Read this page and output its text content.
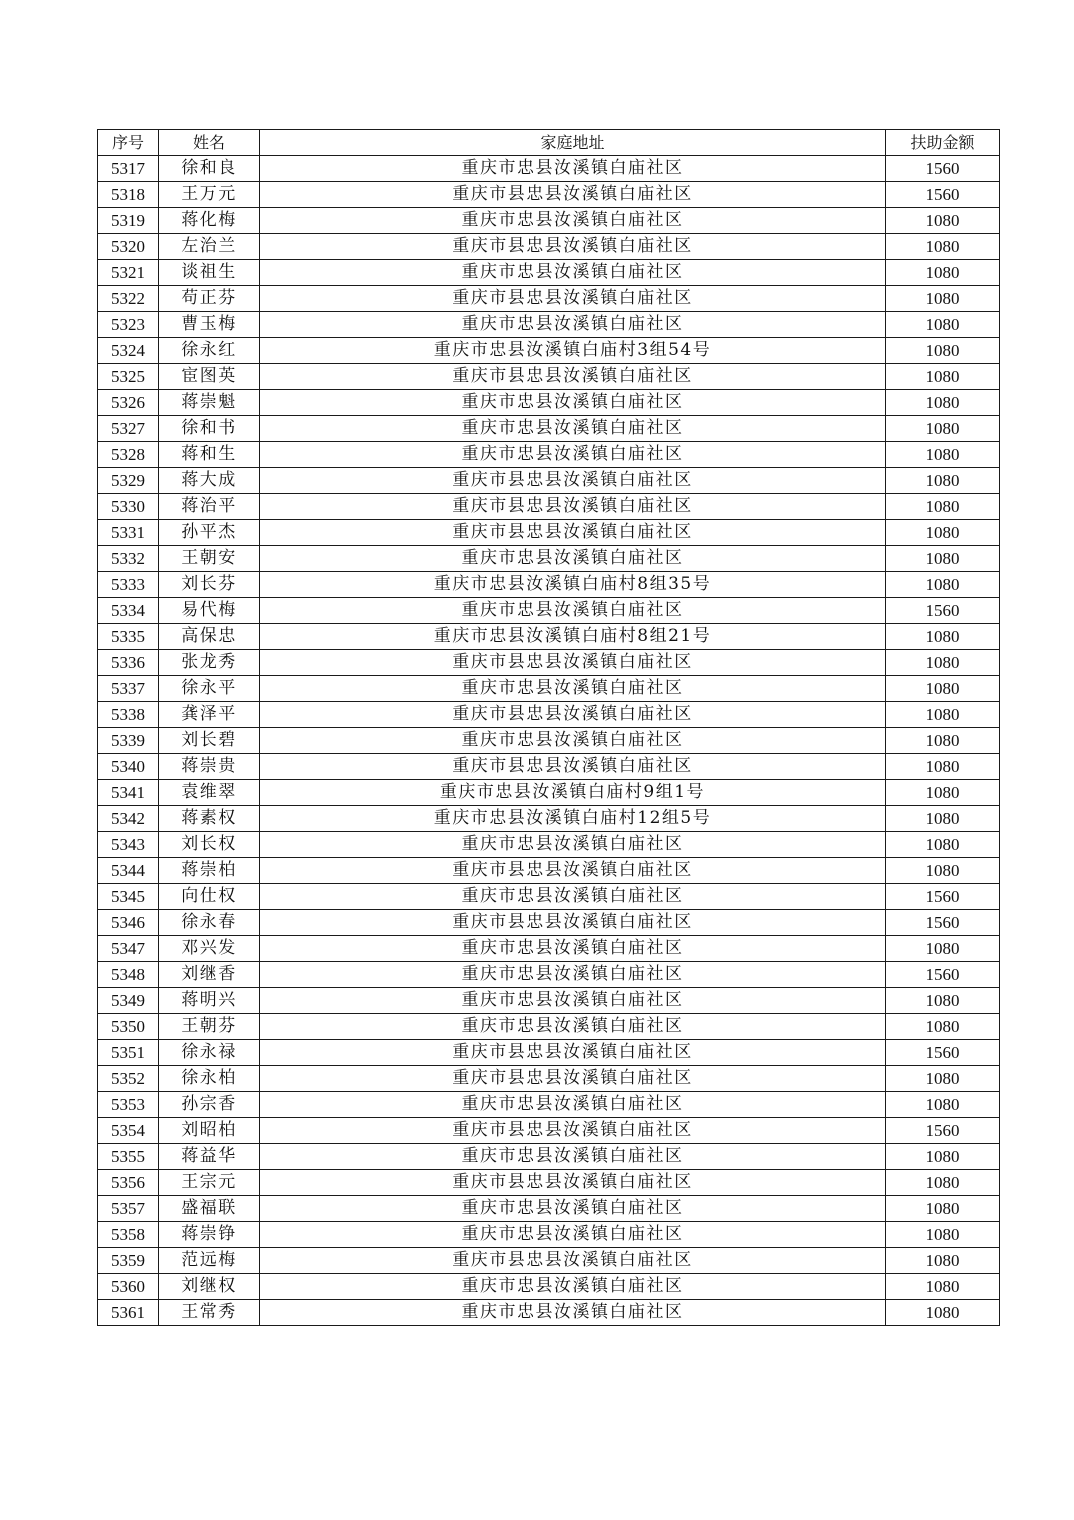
序号	姓名	家庭地址	扶助金额
5317	徐和良	重庆市忠县汝溪镇白庙社区	1560
5318	王万元	重庆市县忠县汝溪镇白庙社区	1560
5319	蒋化梅	重庆市忠县汝溪镇白庙社区	1080
5320	左治兰	重庆市县忠县汝溪镇白庙社区	1080
5321	谈祖生	重庆市忠县汝溪镇白庙社区	1080
5322	苟正芬	重庆市县忠县汝溪镇白庙社区	1080
5323	曹玉梅	重庆市忠县汝溪镇白庙社区	1080
5324	徐永红	重庆市忠县汝溪镇白庙村3组54号	1080
5325	宦图英	重庆市县忠县汝溪镇白庙社区	1080
5326	蒋崇魁	重庆市忠县汝溪镇白庙社区	1080
5327	徐和书	重庆市忠县汝溪镇白庙社区	1080
5328	蒋和生	重庆市忠县汝溪镇白庙社区	1080
5329	蒋大成	重庆市县忠县汝溪镇白庙社区	1080
5330	蒋治平	重庆市县忠县汝溪镇白庙社区	1080
5331	孙平杰	重庆市县忠县汝溪镇白庙社区	1080
5332	王朝安	重庆市忠县汝溪镇白庙社区	1080
5333	刘长芬	重庆市忠县汝溪镇白庙村8组35号	1080
5334	易代梅	重庆市忠县汝溪镇白庙社区	1560
5335	高保忠	重庆市忠县汝溪镇白庙村8组21号	1080
5336	张龙秀	重庆市县忠县汝溪镇白庙社区	1080
5337	徐永平	重庆市忠县汝溪镇白庙社区	1080
5338	龚泽平	重庆市县忠县汝溪镇白庙社区	1080
5339	刘长碧	重庆市忠县汝溪镇白庙社区	1080
5340	蒋崇贵	重庆市县忠县汝溪镇白庙社区	1080
5341	袁维翠	重庆市忠县汝溪镇白庙村9组1号	1080
5342	蒋素权	重庆市忠县汝溪镇白庙村12组5号	1080
5343	刘长权	重庆市忠县汝溪镇白庙社区	1080
5344	蒋崇柏	重庆市县忠县汝溪镇白庙社区	1080
5345	向仕权	重庆市忠县汝溪镇白庙社区	1560
5346	徐永春	重庆市县忠县汝溪镇白庙社区	1560
5347	邓兴发	重庆市忠县汝溪镇白庙社区	1080
5348	刘继香	重庆市忠县汝溪镇白庙社区	1560
5349	蒋明兴	重庆市忠县汝溪镇白庙社区	1080
5350	王朝芬	重庆市忠县汝溪镇白庙社区	1080
5351	徐永禄	重庆市县忠县汝溪镇白庙社区	1560
5352	徐永柏	重庆市县忠县汝溪镇白庙社区	1080
5353	孙宗香	重庆市忠县汝溪镇白庙社区	1080
5354	刘昭柏	重庆市县忠县汝溪镇白庙社区	1560
5355	蒋益华	重庆市忠县汝溪镇白庙社区	1080
5356	王宗元	重庆市县忠县汝溪镇白庙社区	1080
5357	盛福联	重庆市忠县汝溪镇白庙社区	1080
5358	蒋崇铮	重庆市忠县汝溪镇白庙社区	1080
5359	范远梅	重庆市县忠县汝溪镇白庙社区	1080
5360	刘继权	重庆市忠县汝溪镇白庙社区	1080
5361	王常秀	重庆市忠县汝溪镇白庙社区	1080
